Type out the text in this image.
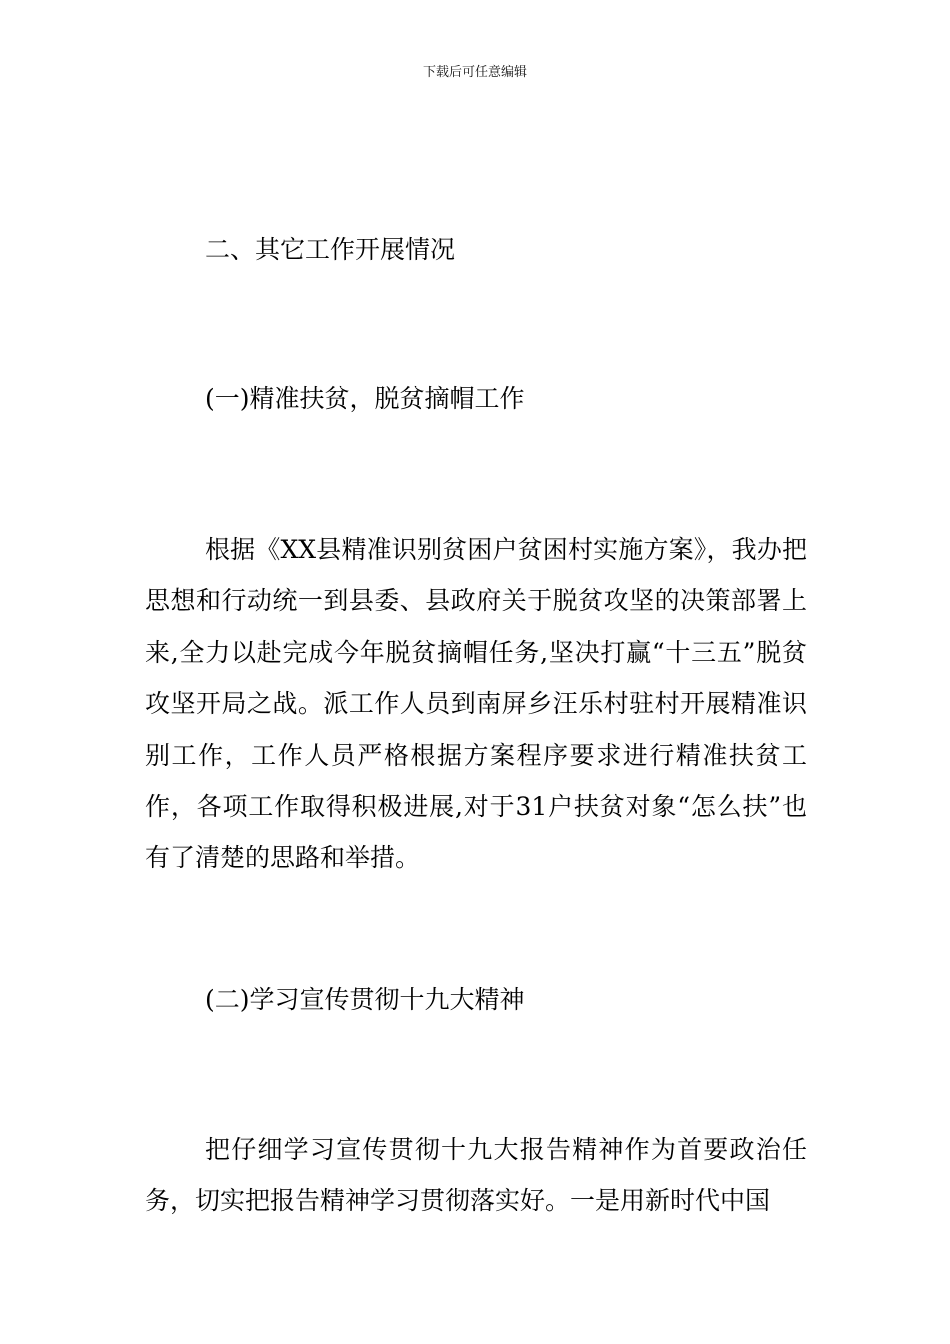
下载后可任意编辑
二、其它工作开展情况
(一)精准扶贫，脱贫摘帽工作
根据《XX县精准识别贫困户贫困村实施方案》，我办把思想和行动统一到县委、县政府关于脱贫攻坚的决策部署上来,全力以赴完成今年脱贫摘帽任务,坚决打赢“十三五”脱贫攻坚开局之战。派工作人员到南屏乡汪乐村驻村开展精准识别工作，工作人员严格根据方案程序要求进行精准扶贫工作，各项工作取得积极进展,对于31户扶贫对象“怎么扶”也有了清楚的思路和举措。
(二)学习宣传贯彻十九大精神
把仔细学习宣传贯彻十九大报告精神作为首要政治任务，切实把报告精神学习贯彻落实好。一是用新时代中国
